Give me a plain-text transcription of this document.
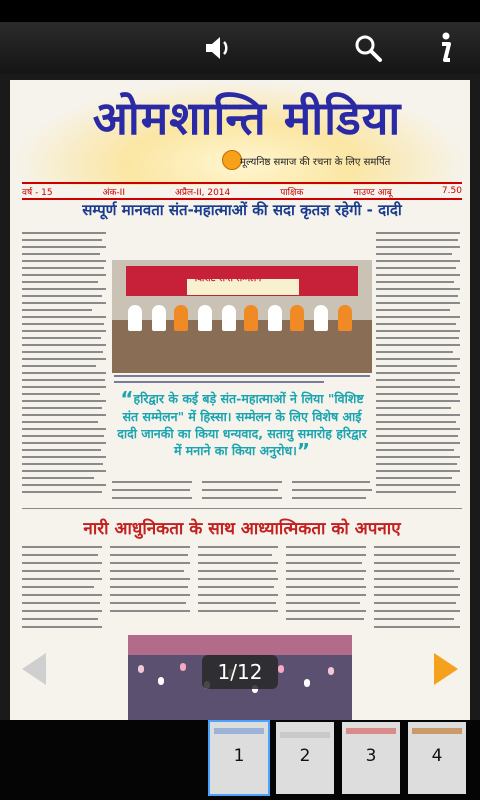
ओमशान्ति मीडिया
मूल्यनिष्ठ समाज की रचना के लिए समर्पित
वर्ष - 15	अंक-II	अप्रैल-II, 2014	पाक्षिक	माउण्ट आबू	7.50
सम्पूर्ण मानवता संत-महात्माओं की सदा कृतज्ञ रहेगी - दादी
विशिष्ट सन्त सम्मेलन
“हरिद्वार के कई बड़े संत-महात्माओं ने लिया "विशिष्ट संत सम्मेलन" में हिस्सा। सम्मेलन के लिए विशेष आई दादी जानकी का किया धन्यवाद, सतायु समारोह हरिद्वार में मनाने का किया अनुरोध।”
नारी आधुनिकता के साथ आध्यात्मिकता को अपनाए
1/12
1	2	3	4
